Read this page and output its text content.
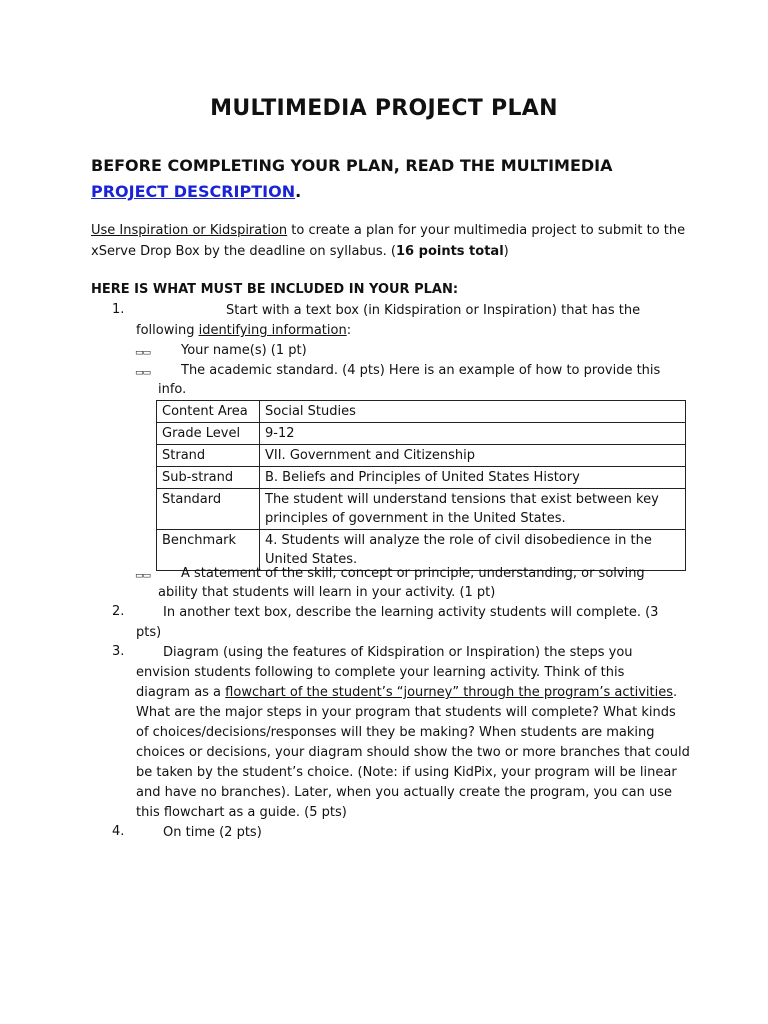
MULTIMEDIA PROJECT PLAN
BEFORE COMPLETING YOUR PLAN, READ THE MULTIMEDIA
PROJECT DESCRIPTION.
Use Inspiration or Kidspiration to create a plan for your multimedia project to submit to the xServe Drop Box by the deadline on syllabus. (16 points total)
HERE IS WHAT MUST BE INCLUDED IN YOUR PLAN:
1.	Start with a text box (in Kidspiration or Inspiration) that has the
following identifying information:
▭▭ Your name(s) (1 pt)
▭▭ The academic standard. (4 pts) Here is an example of how to provide this
info.
Content Area	Social Studies
Grade Level	9-12
Strand	VII. Government and Citizenship
Sub-strand	B. Beliefs and Principles of United States History
Standard	The student will understand tensions that exist between key principles of government in the United States.
Benchmark	4. Students will analyze the role of civil disobedience in the United States.
▭▭ A statement of the skill, concept or principle, understanding, or solving
ability that students will learn in your activity. (1 pt)
2.	In another text box, describe the learning activity students will complete. (3
pts)
3.	Diagram (using the features of Kidspiration or Inspiration) the steps you
envision students following to complete your learning activity. Think of this
diagram as a flowchart of the student’s “journey” through the program’s activities.
What are the major steps in your program that students will complete? What kinds
of choices/decisions/responses will they be making? When students are making
choices or decisions, your diagram should show the two or more branches that could
be taken by the student’s choice. (Note: if using KidPix, your program will be linear
and have no branches). Later, when you actually create the program, you can use
this flowchart as a guide. (5 pts)
4.	On time (2 pts)
